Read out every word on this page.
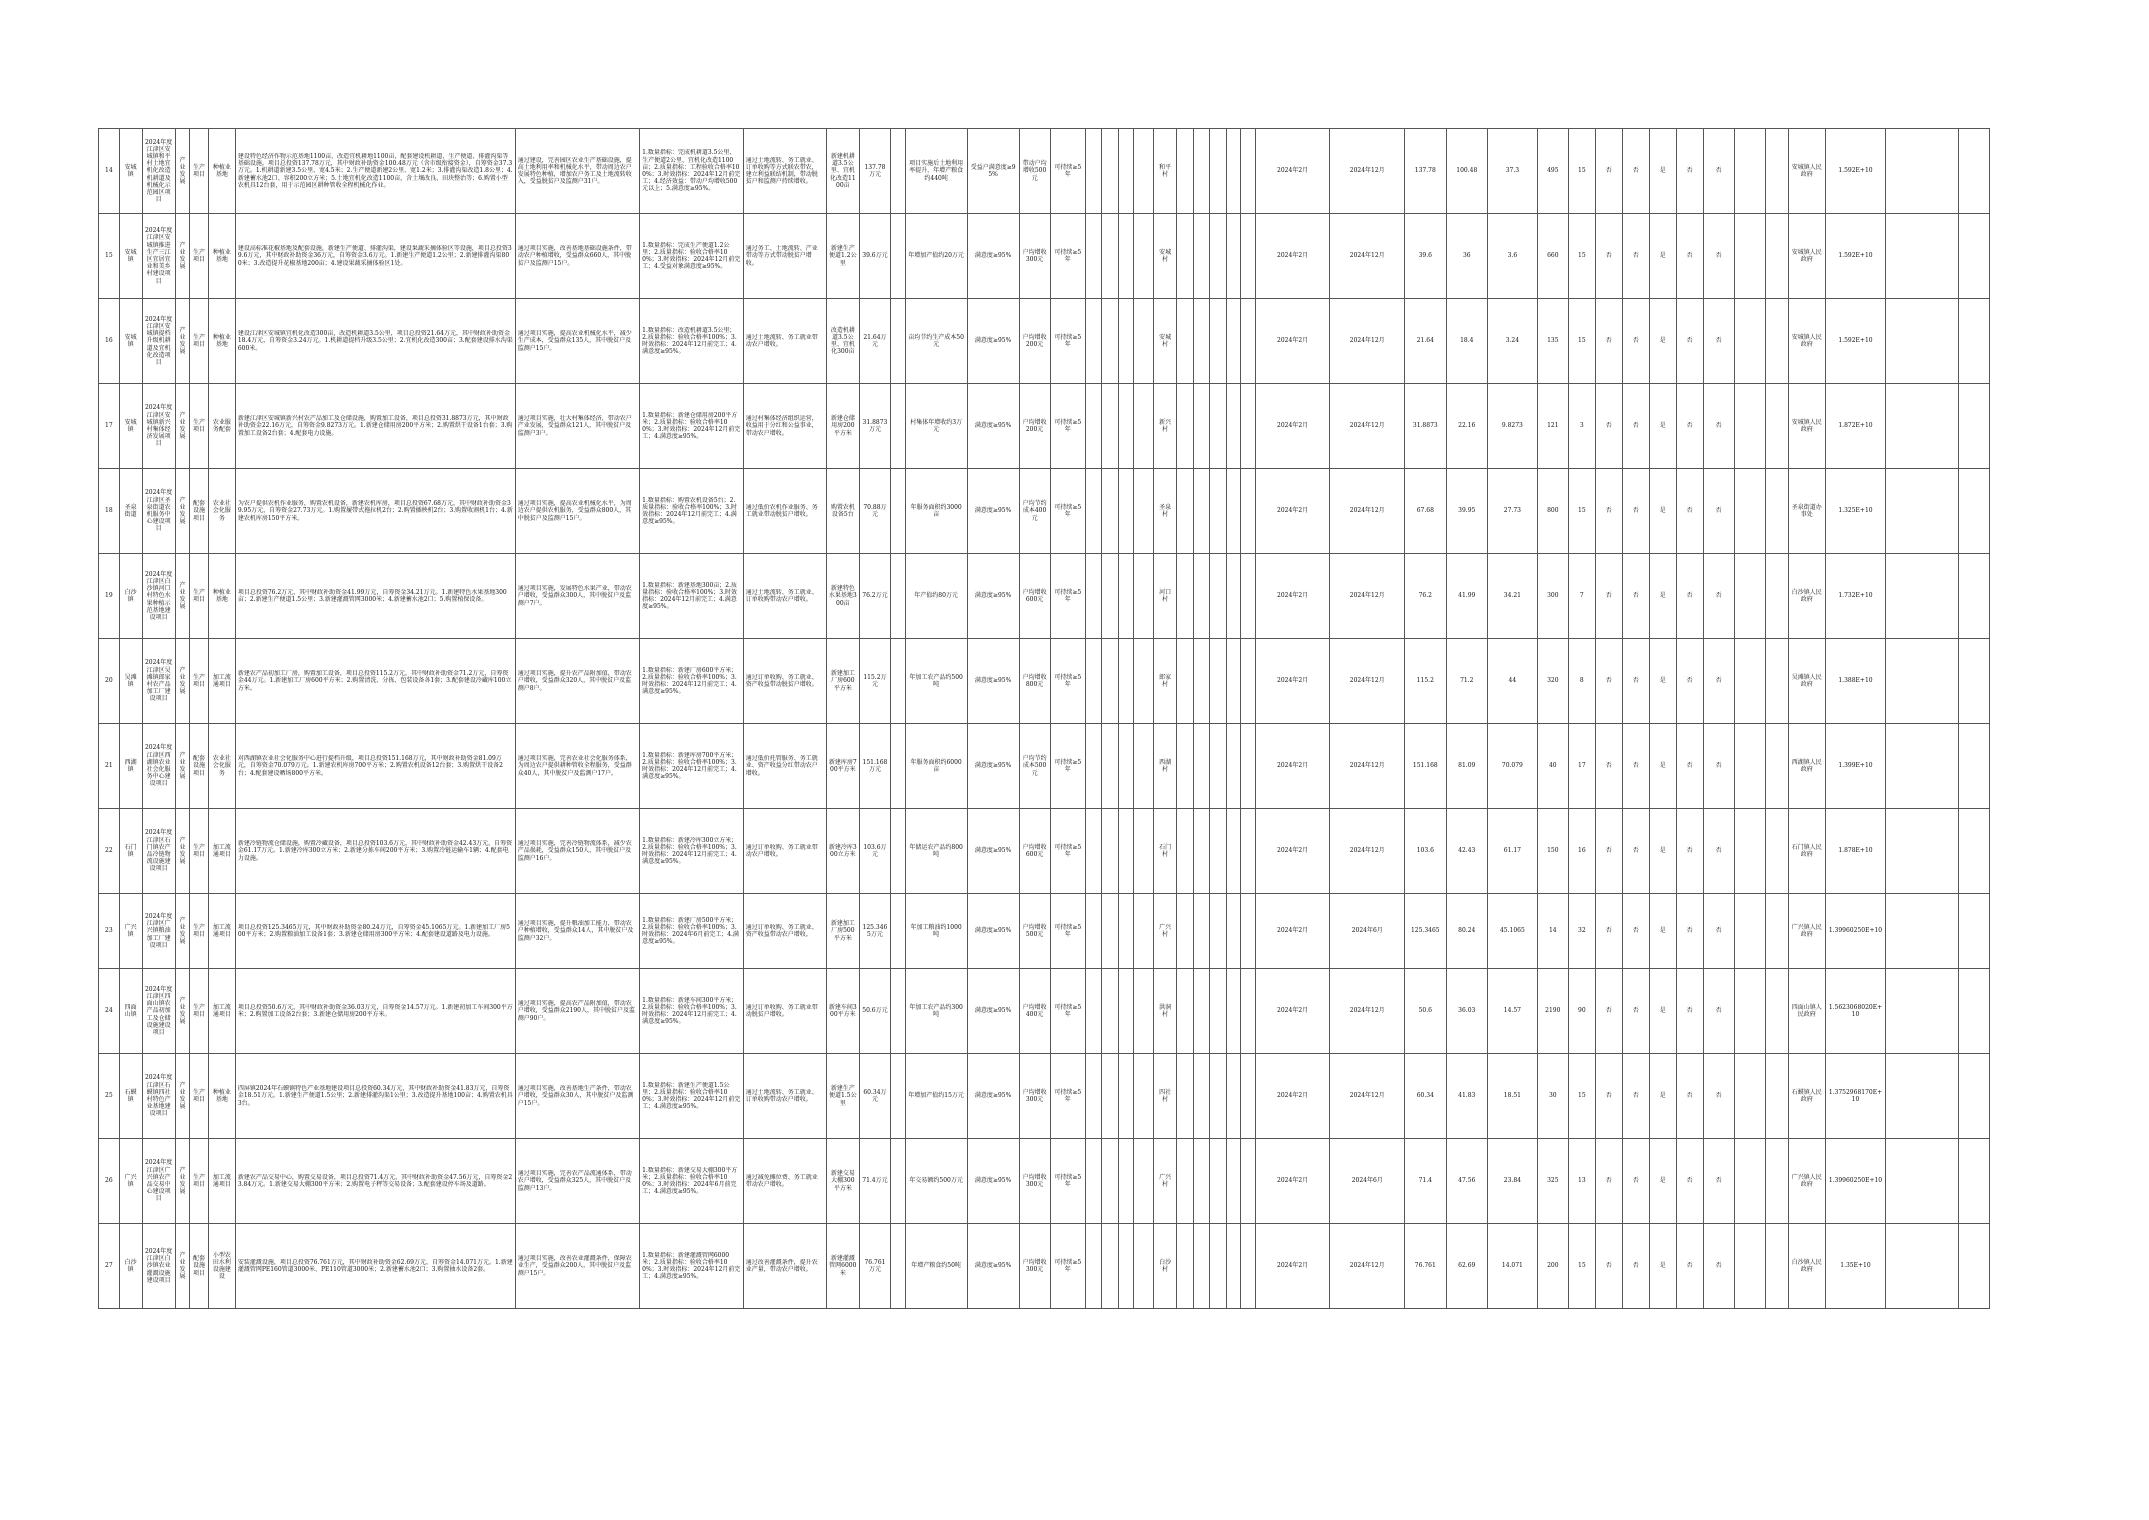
14	安城镇	2024年度江津区安城镇和平村土地宜机化改造机耕道及机械化示范园区项目	产业发展	生产项目	种植业基地	建设特色经济作物示范基地1100亩，改造宜机耕地1100亩，配套建设机耕道、生产便道、排灌沟渠等基础设施。项目总投资137.78万元，其中财政补助资金100.48万元（含市级衔接资金），自筹资金37.3万元。1.机耕道新建3.5公里、宽4.5米；2.生产便道新建2公里、宽1.2米；3.排灌沟渠改造1.8公里；4.新建蓄水池2口、容积200立方米；5.土地宜机化改造1100亩，含土壤改良、田块整治等；6.购置小型农机具12台套，用于示范园区耕种管收全程机械化作业。	通过建设，完善园区农业生产基础设施，提高土地利用率和机械化水平，带动周边农户发展特色种植，增加农户务工及土地流转收入，受益脱贫户及监测户31户。	1.数量指标：完成机耕道3.5公里、生产便道2公里、宜机化改造1100亩；2.质量指标：工程验收合格率100%；3.时效指标：2024年12月前完工；4.经济效益：带动户均增收500元以上；5.满意度≥95%。	通过土地流转、务工就业、订单收购等方式联农带农，建立利益联结机制，带动脱贫户和监测户持续增收。	新建机耕道3.5公里、宜机化改造1100亩	137.78万元		项目实施后土地利用率提升，年增产粮食约440吨	受益户满意度≥95%	带动户均增收500元	可持续≥5年					和平村						2024年2月	2024年12月	137.78	100.48	37.3	495	15	否	否	是	否	否			安城镇人民政府	1.592E+10		
15	安城镇	2024年度江津区安城镇推进生产三江区宜居宜业和美乡村建设项目	产业发展	生产项目	种植业基地	建设高标准花椒基地及配套设施，新建生产便道、排灌沟渠，建设果蔬采摘体验区等设施，项目总投资39.6万元，其中财政补助资金36万元，自筹资金3.6万元。1.新建生产便道1.2公里；2.新建排灌沟渠800米；3.改造提升花椒基地200亩；4.建设果蔬采摘体验区1处。	通过项目实施，改善基地基础设施条件，带动农户种植增收，受益群众660人，其中脱贫户及监测户15户。	1.数量指标：完成生产便道1.2公里；2.质量指标：验收合格率100%；3.时效指标：2024年12月前完工；4.受益对象满意度≥95%。	通过务工、土地流转、产业带动等方式带动脱贫户增收。	新建生产便道1.2公里	39.6万元		年增加产值约20万元	满意度≥95%	户均增收300元	可持续≥5年					安城村						2024年2月	2024年12月	39.6	36	3.6	660	15	否	否	是	否	否			安城镇人民政府	1.592E+10		
16	安城镇	2024年度江津区安城镇提档升级机耕道及宜机化改造项目	产业发展	生产项目	种植业基地	建设江津区安城镇宜机化改造300亩，改造机耕道3.5公里，项目总投资21.64万元，其中财政补助资金18.4万元，自筹资金3.24万元。1.机耕道提档升级3.5公里；2.宜机化改造300亩；3.配套建设排水沟渠600米。	通过项目实施，提高农业机械化水平，减少生产成本，受益群众135人，其中脱贫户及监测户15户。	1.数量指标：改造机耕道3.5公里；2.质量指标：验收合格率100%；3.时效指标：2024年12月前完工；4.满意度≥95%。	通过土地流转、务工就业带动农户增收。	改造机耕道3.5公里、宜机化300亩	21.64万元		亩均节约生产成本50元	满意度≥95%	户均增收200元	可持续≥5年					安城村						2024年2月	2024年12月	21.64	18.4	3.24	135	15	否	否	是	否	否			安城镇人民政府	1.592E+10		
17	安城镇	2024年度江津区安城镇新兴村集体经济发展项目	产业发展	生产项目	农业服务配套	新建江津区安城镇新兴村农产品加工及仓储设施，购置加工设备，项目总投资31.8873万元，其中财政补助资金22.16万元，自筹资金9.8273万元。1.新建仓储用房200平方米；2.购置烘干设备1台套；3.购置加工设备2台套；4.配套电力设施。	通过项目实施，壮大村集体经济，带动农户产业发展，受益群众121人，其中脱贫户及监测户3户。	1.数量指标：新建仓储用房200平方米；2.质量指标：验收合格率100%；3.时效指标：2024年12月前完工；4.满意度≥95%。	通过村集体经济组织运营，收益用于分红和公益事业，带动农户增收。	新建仓储用房200平方米	31.8873万元		村集体年增收约3万元	满意度≥95%	户均增收200元	可持续≥5年					新兴村						2024年2月	2024年12月	31.8873	22.16	9.8273	121	3	否	否	是	否	否			安城镇人民政府	1.872E+10		
18	圣泉街道	2024年度江津区圣泉街道农机服务中心建设项目	产业发展	配套设施项目	农业社会化服务	为农户提供农机作业服务，购置农机设备，新建农机库房，项目总投资67.68万元，其中财政补助资金39.95万元，自筹资金27.73万元。1.购置履带式拖拉机2台；2.购置插秧机2台；3.购置收割机1台；4.新建农机库房150平方米。	通过项目实施，提高农业机械化水平，为周边农户提供农机服务，受益群众800人，其中脱贫户及监测户15户。	1.数量指标：购置农机设备5台；2.质量指标：验收合格率100%；3.时效指标：2024年12月前完工；4.满意度≥95%。	通过低价农机作业服务、务工就业带动脱贫户增收。	购置农机设备5台	70.88万元		年服务面积约3000亩	满意度≥95%	户均节约成本400元	可持续≥5年					圣泉村						2024年2月	2024年12月	67.68	39.95	27.73	800	15	否	否	是	否	否			圣泉街道办事处	1.325E+10		
19	白沙镇	2024年度江津区白沙镇河口村特色水果种植示范基地建设项目	产业发展	生产项目	种植业基地	项目总投资76.2万元，其中财政补助资金41.99万元，自筹资金34.21万元。1.新建特色水果基地300亩；2.新建生产便道1.5公里；3.新建灌溉管网3000米；4.新建蓄水池2口；5.购置植保设备。	通过项目实施，发展特色水果产业，带动农户增收，受益群众300人，其中脱贫户及监测户7户。	1.数量指标：新建基地300亩；2.质量指标：验收合格率100%；3.时效指标：2024年12月前完工；4.满意度≥95%。	通过土地流转、务工就业、订单收购带动农户增收。	新建特色水果基地300亩	76.2万元		年产值约80万元	满意度≥95%	户均增收600元	可持续≥5年					河口村						2024年2月	2024年12月	76.2	41.99	34.21	300	7	否	否	是	否	否			白沙镇人民政府	1.732E+10		
20	吴滩镇	2024年度江津区吴滩镇郎家村农产品加工厂建设项目	产业发展	生产项目	加工流通项目	新建农产品初加工厂房，购置加工设备，项目总投资115.2万元，其中财政补助资金71.2万元，自筹资金44万元。1.新建加工厂房600平方米；2.购置清洗、分拣、包装设备各1套；3.配套建设冷藏库100立方米。	通过项目实施，提升农产品附加值，带动农户增收，受益群众320人，其中脱贫户及监测户8户。	1.数量指标：新建厂房600平方米；2.质量指标：验收合格率100%；3.时效指标：2024年12月前完工；4.满意度≥95%。	通过订单收购、务工就业、资产收益带动脱贫户增收。	新建加工厂房600平方米	115.2万元		年加工农产品约500吨	满意度≥95%	户均增收800元	可持续≥5年					郎家村						2024年2月	2024年12月	115.2	71.2	44	320	8	否	否	是	否	否			吴滩镇人民政府	1.388E+10		
21	西湖镇	2024年度江津区西湖镇农业社会化服务中心建设项目	产业发展	配套设施项目	农业社会化服务	对西湖镇农业社会化服务中心进行提档升级，项目总投资151.168万元，其中财政补助资金81.09万元，自筹资金70.079万元。1.新建农机库房700平方米；2.购置农机设备12台套；3.购置烘干设备2台；4.配套建设晒场800平方米。	通过项目实施，完善农业社会化服务体系，为周边农户提供耕种管收全程服务，受益群众40人，其中脱贫户及监测户17户。	1.数量指标：新建库房700平方米；2.质量指标：验收合格率100%；3.时效指标：2024年12月前完工；4.满意度≥95%。	通过低价托管服务、务工就业、资产收益分红带动农户增收。	新建库房700平方米	151.168万元		年服务面积约6000亩	满意度≥95%	户均节约成本500元	可持续≥5年					西湖村						2024年2月	2024年12月	151.168	81.09	70.079	40	17	否	否	是	否	否			西湖镇人民政府	1.399E+10		
22	石门镇	2024年度江津区石门镇农产品冷链物流设施建设项目	产业发展	生产项目	加工流通项目	新建冷链物流仓储设施，购置冷藏设备，项目总投资103.6万元，其中财政补助资金42.43万元，自筹资金61.17万元。1.新建冷库300立方米；2.新建分拣车间200平方米；3.购置冷链运输车1辆；4.配套电力设施。	通过项目实施，完善冷链物流体系，减少农产品损耗，受益群众150人，其中脱贫户及监测户16户。	1.数量指标：新建冷库300立方米；2.质量指标：验收合格率100%；3.时效指标：2024年12月前完工；4.满意度≥95%。	通过订单收购、务工就业带动农户增收。	新建冷库300立方米	103.6万元		年储运农产品约800吨	满意度≥95%	户均增收600元	可持续≥5年					石门村						2024年2月	2024年12月	103.6	42.43	61.17	150	16	否	否	是	否	否			石门镇人民政府	1.878E+10		
23	广兴镇	2024年度江津区广兴镇粮油加工厂建设项目	产业发展	生产项目	加工流通项目	项目总投资125.3465万元，其中财政补助资金80.24万元，自筹资金45.1065万元。1.新建加工厂房500平方米；2.购置粮油加工设备1套；3.新建仓储用房300平方米；4.配套建设道路及电力设施。	通过项目实施，提升粮油加工能力，带动农户种植增收，受益群众14人，其中脱贫户及监测户32户。	1.数量指标：新建厂房500平方米；2.质量指标：验收合格率100%；3.时效指标：2024年6月前完工；4.满意度≥95%。	通过订单收购、务工就业、资产收益带动农户增收。	新建加工厂房500平方米	125.3465万元		年加工粮油约1000吨	满意度≥95%	户均增收500元	可持续≥5年					广兴村						2024年2月	2024年6月	125.3465	80.24	45.1065	14	32	否	否	是	否	否			广兴镇人民政府	1.39960250E+10		
24	四面山镇	2024年度江津区四面山镇农产品初加工及仓储设施建设项目	产业发展	生产项目	加工流通项目	项目总投资50.6万元，其中财政补助资金36.03万元，自筹资金14.57万元。1.新建初加工车间300平方米；2.购置加工设备2台套；3.新建仓储用房200平方米。	通过项目实施，提高农产品附加值，带动农户增收，受益群众2190人，其中脱贫户及监测户90户。	1.数量指标：新建车间300平方米；2.质量指标：验收合格率100%；3.时效指标：2024年12月前完工；4.满意度≥95%。	通过订单收购、务工就业带动脱贫户增收。	新建车间300平方米	50.6万元		年加工农产品约300吨	满意度≥95%	户均增收400元	可持续≥5年					洪洞村						2024年2月	2024年12月	50.6	36.03	14.57	2190	90	否	否	是	否	否			四面山镇人民政府	1.5623068020E+10		
25	石蟆镇	2024年度江津区石蟆镇四社村特色产业基地建设项目	产业发展	生产项目	种植业基地	四屏镇2024年石蟆镇特色产业基地建设项目总投资60.34万元，其中财政补助资金41.83万元，自筹资金18.51万元。1.新建生产便道1.5公里；2.新建排灌沟渠1公里；3.改造提升基地100亩；4.购置农机具3台。	通过项目实施，改善基地生产条件，带动农户增收，受益群众30人，其中脱贫户及监测户15户。	1.数量指标：新建生产便道1.5公里；2.质量指标：验收合格率100%；3.时效指标：2024年12月前完工；4.满意度≥95%。	通过土地流转、务工就业、订单收购带动农户增收。	新建生产便道1.5公里	60.34万元		年增加产值约15万元	满意度≥95%	户均增收300元	可持续≥5年					四社村						2024年2月	2024年12月	60.34	41.83	18.51	30	15	否	否	是	否	否			石蟆镇人民政府	1.3752968170E+10		
26	广兴镇	2024年度江津区广兴镇农产品交易中心建设项目	产业发展	生产项目	加工流通项目	新建农产品交易中心，购置交易设备，项目总投资71.4万元，其中财政补助资金47.56万元，自筹资金23.84万元。1.新建交易大棚300平方米；2.购置电子秤等交易设备；3.配套建设停车场及道路。	通过项目实施，完善农产品流通体系，带动农户增收，受益群众325人，其中脱贫户及监测户13户。	1.数量指标：新建交易大棚300平方米；2.质量指标：验收合格率100%；3.时效指标：2024年6月前完工；4.满意度≥95%。	通过减免摊位费、务工就业带动农户增收。	新建交易大棚300平方米	71.4万元		年交易额约500万元	满意度≥95%	户均增收300元	可持续≥5年					广兴村						2024年2月	2024年6月	71.4	47.56	23.84	325	13	否	否	是	否	否			广兴镇人民政府	1.39960250E+10		
27	白沙镇	2024年度江津区白沙镇农业灌溉设施建设项目	产业发展	配套设施项目	小型农田水利设施建设	安装灌溉设施，项目总投资76.761万元，其中财政补助资金62.69万元，自筹资金14.071万元。1.新建灌溉管网PE160管道3000米、PE110管道3000米；2.新建蓄水池2口；3.购置抽水设备2套。	通过项目实施，改善农业灌溉条件，保障农业生产，受益群众200人，其中脱贫户及监测户15户。	1.数量指标：新建灌溉管网6000米；2.质量指标：验收合格率100%；3.时效指标：2024年12月前完工；4.满意度≥95%。	通过改善灌溉条件，提升农业产量，带动农户增收。	新建灌溉管网6000米	76.761万元		年增产粮食约50吨	满意度≥95%	户均增收300元	可持续≥5年					白沙村						2024年2月	2024年12月	76.761	62.69	14.071	200	15	否	否	是	否	否			白沙镇人民政府	1.35E+10		
